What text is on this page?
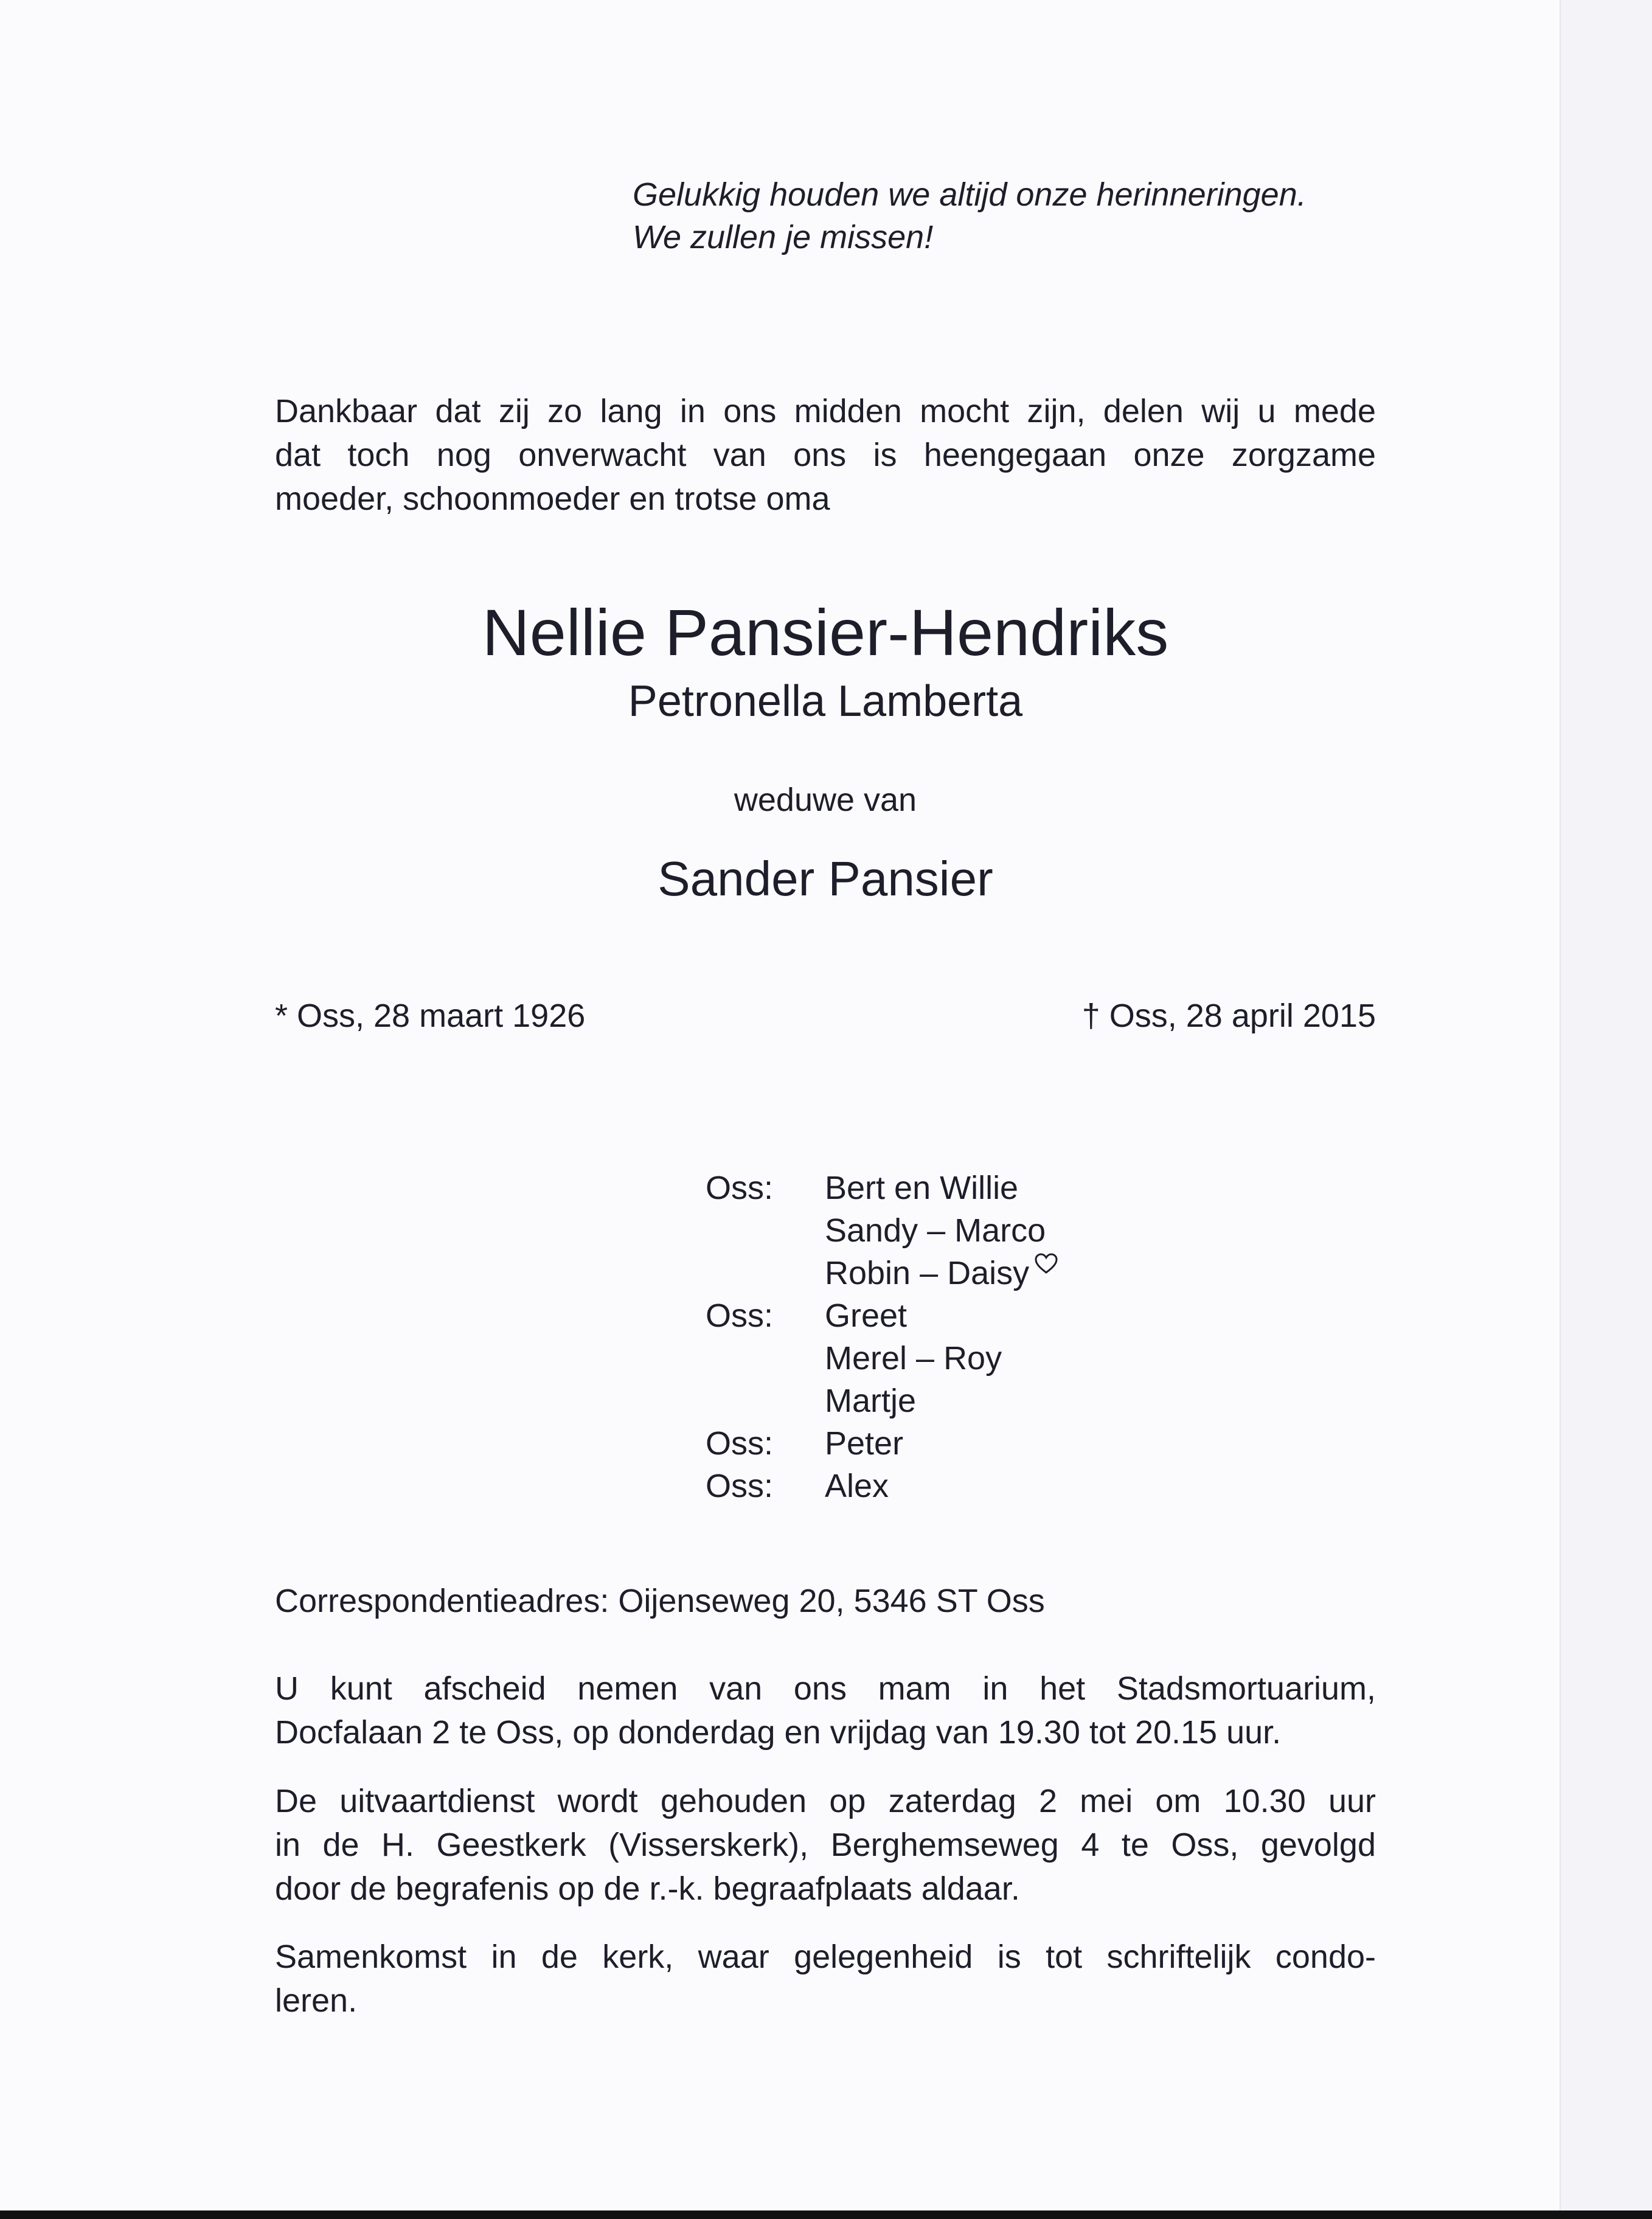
Gelukkig houden we altijd onze herinneringen.
We zullen je missen!
Dankbaar dat zij zo lang in ons midden mocht zijn, delen wij u mede
dat toch nog onverwacht van ons is heengegaan onze zorgzame
moeder, schoonmoeder en trotse oma
Nellie Pansier-Hendriks
Petronella Lamberta
weduwe van
Sander Pansier
* Oss, 28 maart 1926	† Oss, 28 april 2015
Oss:	Bert en Willie
Sandy – Marco
Robin – Daisy
Oss:	Greet
Merel – Roy
Martje
Oss:	Peter
Oss:	Alex
Correspondentieadres: Oijenseweg 20, 5346 ST Oss
U kunt afscheid nemen van ons mam in het Stadsmortuarium,
Docfalaan 2 te Oss, op donderdag en vrijdag van 19.30 tot 20.15 uur.
De uitvaartdienst wordt gehouden op zaterdag 2 mei om 10.30 uur
in de H. Geestkerk (Visserskerk), Berghemseweg 4 te Oss, gevolgd
door de begrafenis op de r.-k. begraafplaats aldaar.
Samenkomst in de kerk, waar gelegenheid is tot schriftelijk condo-
leren.
